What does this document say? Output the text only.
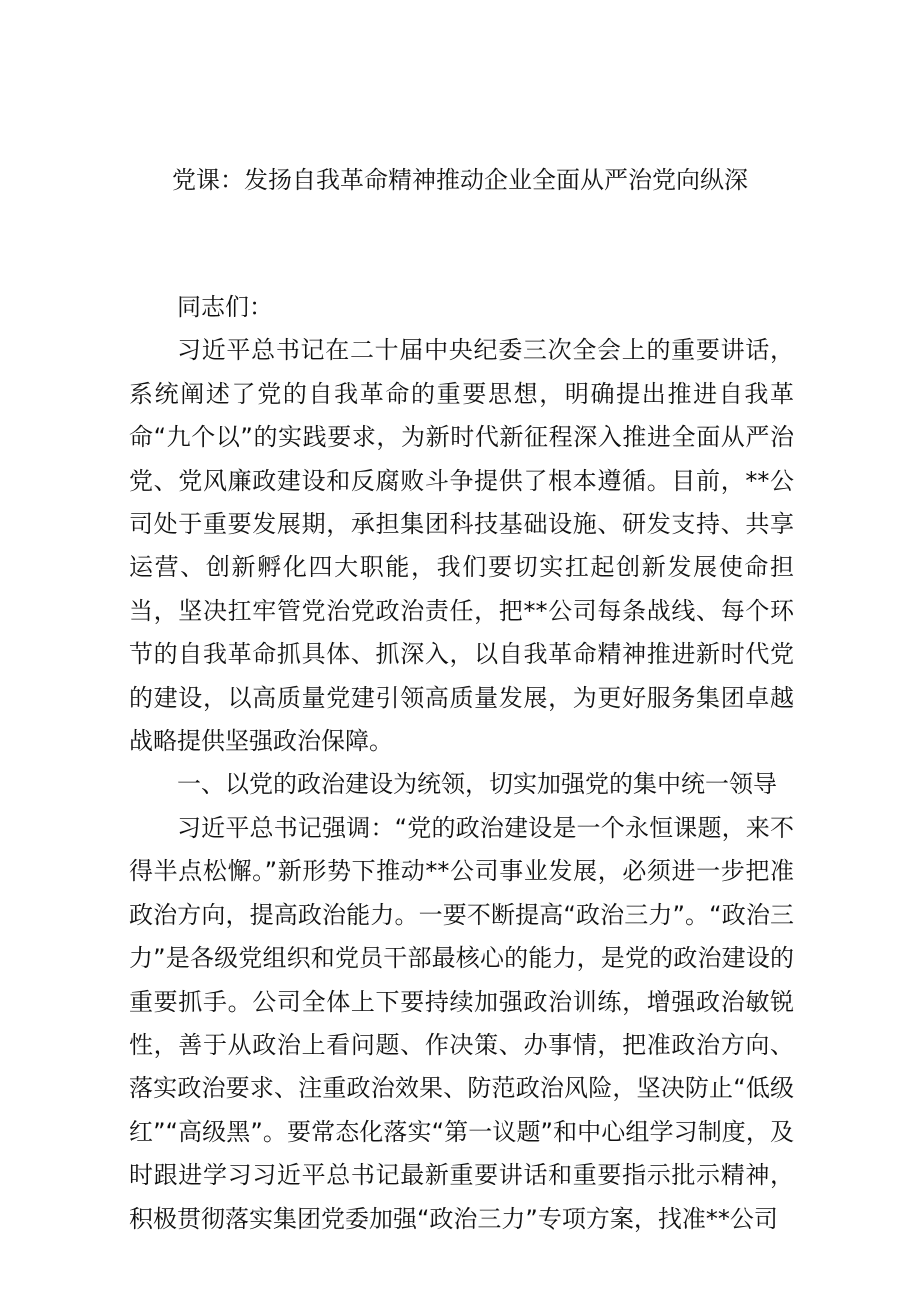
党课：发扬自我革命精神推动企业全面从严治党向纵深

同志们：

习近平总书记在二十届中央纪委三次全会上的重要讲话，系统阐述了党的自我革命的重要思想，明确提出推进自我革命“九个以”的实践要求，为新时代新征程深入推进全面从严治党、党风廉政建设和反腐败斗争提供了根本遵循。目前，**公司处于重要发展期，承担集团科技基础设施、研发支持、共享运营、创新孵化四大职能，我们要切实扛起创新发展使命担当，坚决扛牢管党治党政治责任，把**公司每条战线、每个环节的自我革命抓具体、抓深入，以自我革命精神推进新时代党的建设，以高质量党建引领高质量发展，为更好服务集团卓越战略提供坚强政治保障。

一、以党的政治建设为统领，切实加强党的集中统一领导

习近平总书记强调：“党的政治建设是一个永恒课题，来不得半点松懈。”新形势下推动**公司事业发展，必须进一步把准政治方向，提高政治能力。一要不断提高“政治三力”。“政治三力”是各级党组织和党员干部最核心的能力，是党的政治建设的重要抓手。公司全体上下要持续加强政治训练，增强政治敏锐性，善于从政治上看问题、作决策、办事情，把准政治方向、落实政治要求、注重政治效果、防范政治风险，坚决防止“低级红”“高级黑”。要常态化落实“第一议题”和中心组学习制度，及时跟进学习习近平总书记最新重要讲话和重要指示批示精神，积极贯彻落实集团党委加强“政治三力”专项方案，找准**公司
